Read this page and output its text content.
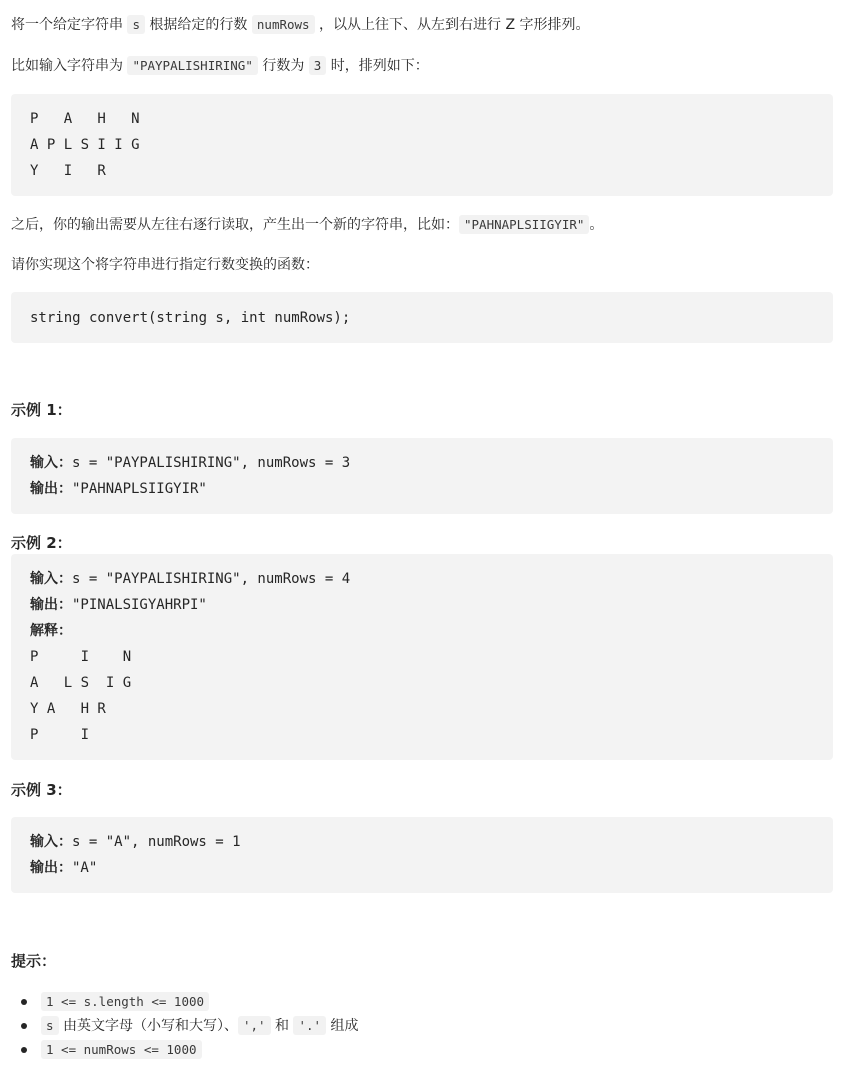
将一个给定字符串 s 根据给定的行数 numRows ，以从上往下、从左到右进行 Z 字形排列。
比如输入字符串为 "PAYPALISHIRING" 行数为 3 时，排列如下：
P   A   H   N
A P L S I I G
Y   I   R
之后，你的输出需要从左往右逐行读取，产生出一个新的字符串，比如： "PAHNAPLSIIGYIR" 。
请你实现这个将字符串进行指定行数变换的函数：
string convert(string s, int numRows);
示例 1：
输入：s = "PAYPALISHIRING", numRows = 3
输出："PAHNAPLSIIGYIR"
示例 2：
输入：s = "PAYPALISHIRING", numRows = 4
输出："PINALSIGYAHRPI"
解释：
P     I    N
A   L S  I G
Y A   H R
P     I
示例 3：
输入：s = "A", numRows = 1
输出："A"
提示：
1 <= s.length <= 1000
s 由英文字母（小写和大写）、 ',' 和 '.' 组成
1 <= numRows <= 1000
